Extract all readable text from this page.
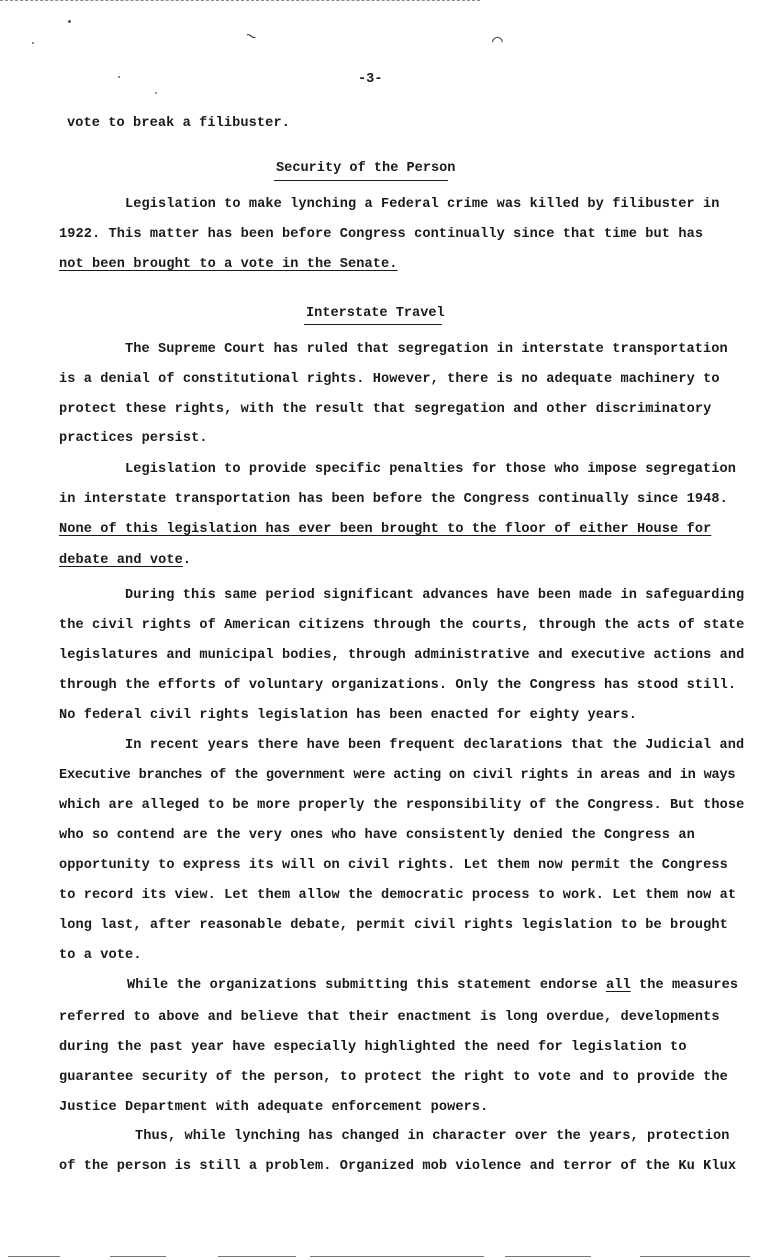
~	⌒
-3-
vote to break a filibuster.
Security of the Person
Legislation to make lynching a Federal crime was killed by filibuster in
1922. This matter has been before Congress continually since that time but has
not been brought to a vote in the Senate.
Interstate Travel
The Supreme Court has ruled that segregation in interstate transportation
is a denial of constitutional rights. However, there is no adequate machinery to
protect these rights, with the result that segregation and other discriminatory
practices persist.
Legislation to provide specific penalties for those who impose segregation
in interstate transportation has been before the Congress continually since 1948.
None of this legislation has ever been brought to the floor of either House for
debate and vote.
During this same period significant advances have been made in safeguarding
the civil rights of American citizens through the courts, through the acts of state
legislatures and municipal bodies, through administrative and executive actions and
through the efforts of voluntary organizations. Only the Congress has stood still.
No federal civil rights legislation has been enacted for eighty years.
In recent years there have been frequent declarations that the Judicial and
Executive branches of the government were acting on civil rights in areas and in ways
which are alleged to be more properly the responsibility of the Congress. But those
who so contend are the very ones who have consistently denied the Congress an
opportunity to express its will on civil rights. Let them now permit the Congress
to record its view. Let them allow the democratic process to work. Let them now at
long last, after reasonable debate, permit civil rights legislation to be brought
to a vote.
While the organizations submitting this statement endorse all the measures
referred to above and believe that their enactment is long overdue, developments
during the past year have especially highlighted the need for legislation to
guarantee security of the person, to protect the right to vote and to provide the
Justice Department with adequate enforcement powers.
Thus, while lynching has changed in character over the years, protection
of the person is still a problem. Organized mob violence and terror of the Ku Klux
